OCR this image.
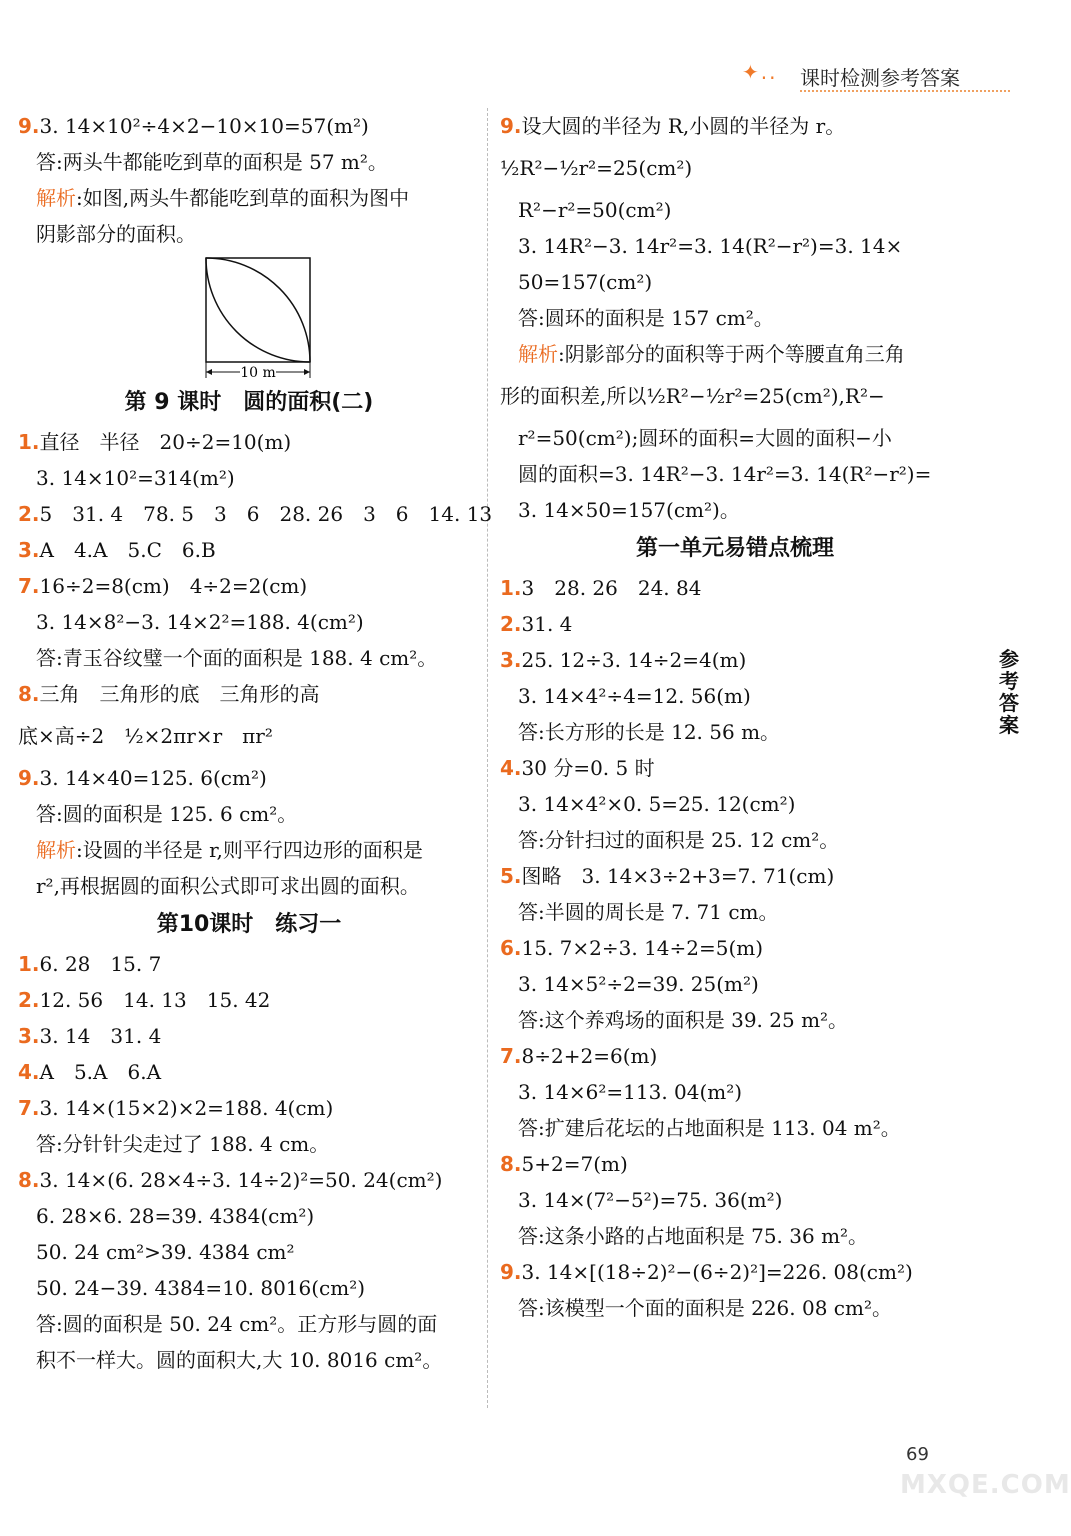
✦.. 课时检测参考答案
9.3. 14×10²÷4×2−10×10=57(m²)
答:两头牛都能吃到草的面积是 57 m²。
解析:如图,两头牛都能吃到草的面积为图中
阴影部分的面积。
10 m
第 9 课时　圆的面积(二)
1.直径　半径　20÷2=10(m)
3. 14×10²=314(m²)
2.5　31. 4　78. 5　3　6　28. 26　3　6　14. 13
3.A　4.A　5.C　6.B
7.16÷2=8(cm)　4÷2=2(cm)
3. 14×8²−3. 14×2²=188. 4(cm²)
答:青玉谷纹璧一个面的面积是 188. 4 cm²。
8.三角　三角形的底　三角形的高
底×高÷2　½×2πr×r　πr²
9.3. 14×40=125. 6(cm²)
答:圆的面积是 125. 6 cm²。
解析:设圆的半径是 r,则平行四边形的面积是
r²,再根据圆的面积公式即可求出圆的面积。
第10课时　练习一
1.6. 28　15. 7
2.12. 56　14. 13　15. 42
3.3. 14　31. 4
4.A　5.A　6.A
7.3. 14×(15×2)×2=188. 4(cm)
答:分针针尖走过了 188. 4 cm。
8.3. 14×(6. 28×4÷3. 14÷2)²=50. 24(cm²)
6. 28×6. 28=39. 4384(cm²)
50. 24 cm²>39. 4384 cm²
50. 24−39. 4384=10. 8016(cm²)
答:圆的面积是 50. 24 cm²。正方形与圆的面
积不一样大。圆的面积大,大 10. 8016 cm²。
9.设大圆的半径为 R,小圆的半径为 r。
½R²−½r²=25(cm²)
R²−r²=50(cm²)
3. 14R²−3. 14r²=3. 14(R²−r²)=3. 14×
50=157(cm²)
答:圆环的面积是 157 cm²。
解析:阴影部分的面积等于两个等腰直角三角
形的面积差,所以½R²−½r²=25(cm²),R²−
r²=50(cm²);圆环的面积=大圆的面积−小
圆的面积=3. 14R²−3. 14r²=3. 14(R²−r²)=
3. 14×50=157(cm²)。
第一单元易错点梳理
1.3　28. 26　24. 84
2.31. 4
3.25. 12÷3. 14÷2=4(m)
3. 14×4²÷4=12. 56(m)
答:长方形的长是 12. 56 m。
4.30 分=0. 5 时
3. 14×4²×0. 5=25. 12(cm²)
答:分针扫过的面积是 25. 12 cm²。
5.图略　3. 14×3÷2+3=7. 71(cm)
答:半圆的周长是 7. 71 cm。
6.15. 7×2÷3. 14÷2=5(m)
3. 14×5²÷2=39. 25(m²)
答:这个养鸡场的面积是 39. 25 m²。
7.8÷2+2=6(m)
3. 14×6²=113. 04(m²)
答:扩建后花坛的占地面积是 113. 04 m²。
8.5+2=7(m)
3. 14×(7²−5²)=75. 36(m²)
答:这条小路的占地面积是 75. 36 m²。
9.3. 14×[(18÷2)²−(6÷2)²]=226. 08(cm²)
答:该模型一个面的面积是 226. 08 cm²。
参考答案
69
MXQE.COM
